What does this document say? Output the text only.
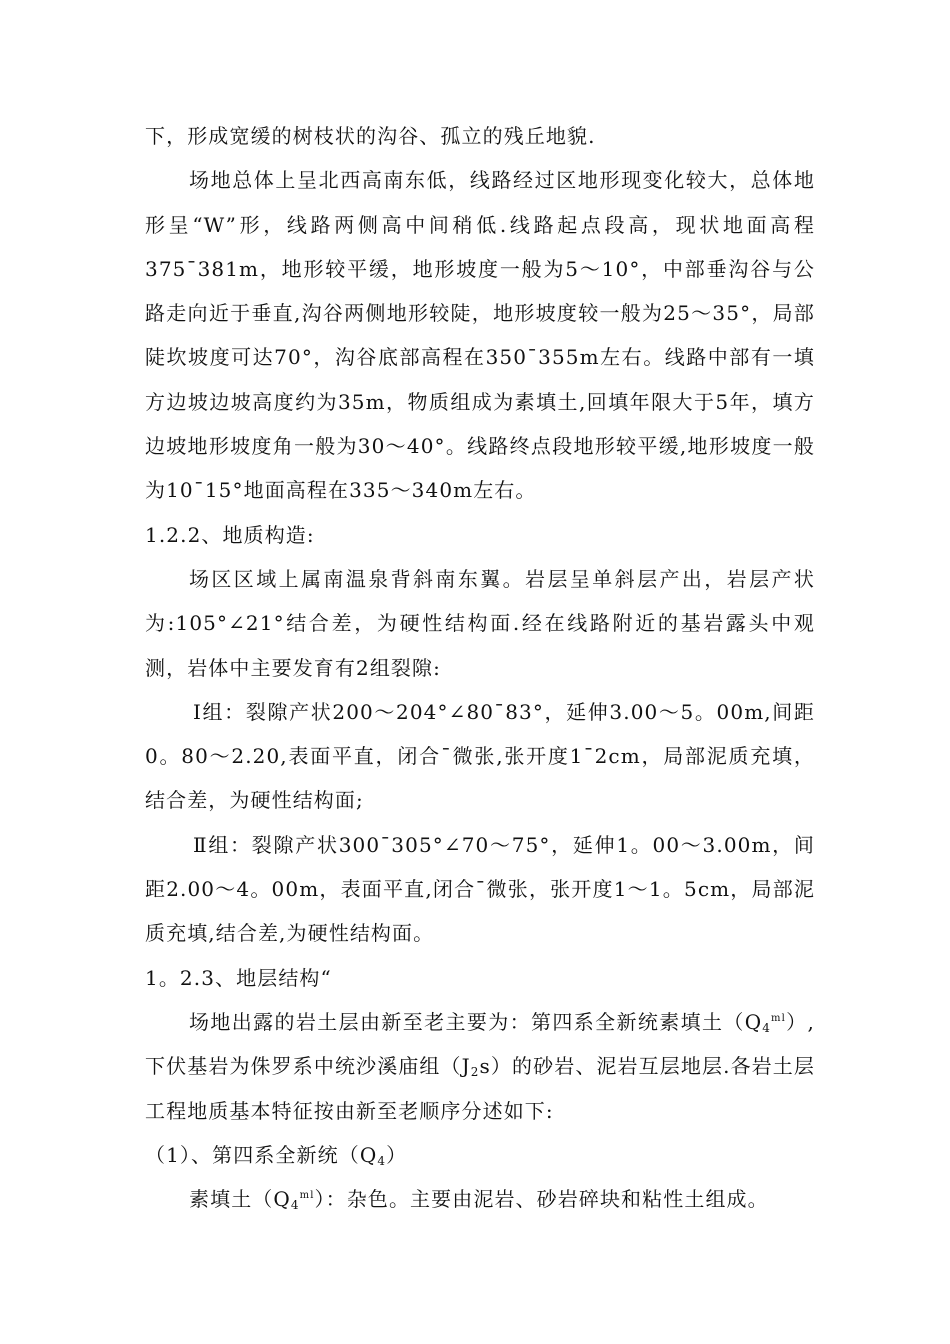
下，形成宽缓的树枝状的沟谷、孤立的残丘地貌.

场地总体上呈北西高南东低，线路经过区地形现变化较大，总体地形呈“W”形，线路两侧高中间稍低.线路起点段高，现状地面高程375¯381m，地形较平缓，地形坡度一般为5～10°，中部垂沟谷与公路走向近于垂直,沟谷两侧地形较陡，地形坡度较一般为25～35°，局部陡坎坡度可达70°，沟谷底部高程在350¯355m左右。线路中部有一填方边坡边坡高度约为35m，物质组成为素填土,回填年限大于5年，填方边坡地形坡度角一般为30～40°。线路终点段地形较平缓,地形坡度一般为10¯15°地面高程在335～340m左右。

1.2.2、地质构造:

场区区域上属南温泉背斜南东翼。岩层呈单斜层产出，岩层产状为:105°∠21°结合差，为硬性结构面.经在线路附近的基岩露头中观测，岩体中主要发育有2组裂隙:

Ⅰ组：裂隙产状200～204°∠80¯83°，延伸3.00～5。00m,间距0。80～2.20,表面平直，闭合¯微张,张开度1¯2cm，局部泥质充填，结合差，为硬性结构面;

Ⅱ组：裂隙产状300¯305°∠70～75°，延伸1。00～3.00m，间距2.00～4。00m，表面平直,闭合¯微张，张开度1～1。5cm，局部泥质充填,结合差,为硬性结构面。

1。2.3、地层结构“

场地出露的岩土层由新至老主要为：第四系全新统素填土$(Q_4^{ml})$,下伏基岩为侏罗系中统沙溪庙组$(J_2s)$的砂岩、泥岩互层地层.各岩土层工程地质基本特征按由新至老顺序分述如下:

（1）、第四系全新统$(Q_4)$

素填土$(Q_4^{ml})$：杂色。主要由泥岩、砂岩碎块和粘性土组成。
